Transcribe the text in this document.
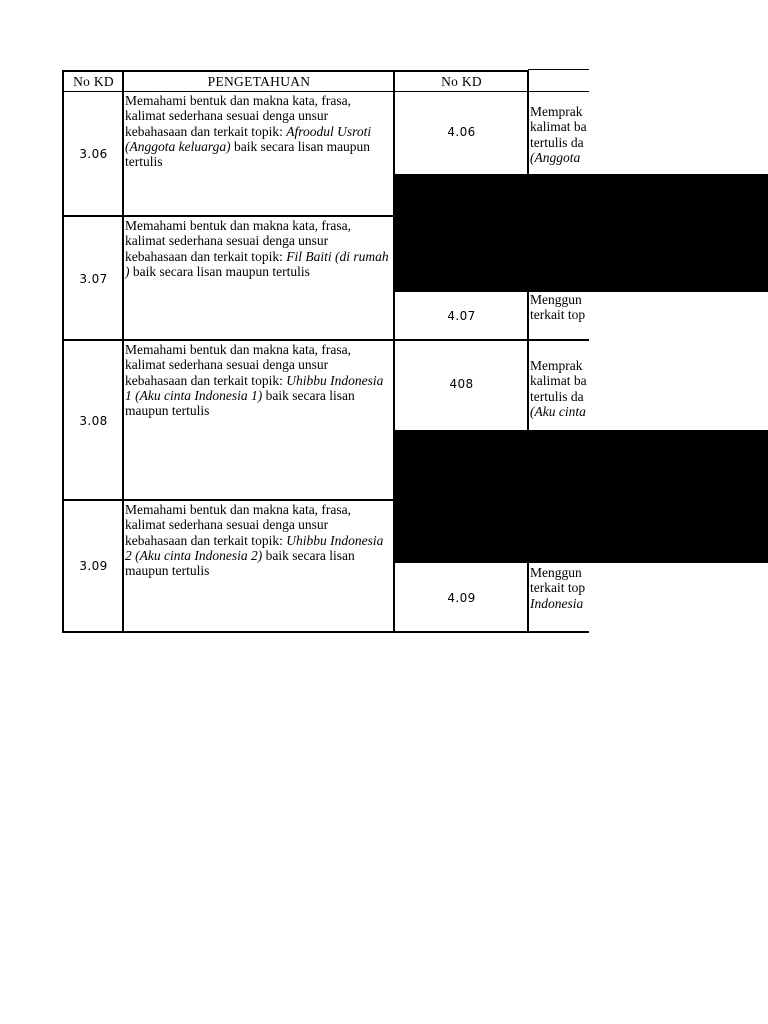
No KD	PENGETAHUAN	No KD
3.06
Memahami bentuk dan makna kata, frasa, kalimat sederhana sesuai denga unsur kebahasaan dan terkait topik: Afroodul Usroti (Anggota keluarga) baik secara lisan maupun tertulis
4.06
Memprak
kalimat ba
tertulis da
(Anggota
3.07
Memahami bentuk dan makna kata, frasa, kalimat sederhana sesuai denga unsur kebahasaan dan terkait topik: Fil Baiti (di rumah ) baik secara lisan maupun tertulis
4.07
Menggun
terkait top
3.08
Memahami bentuk dan makna kata, frasa, kalimat sederhana sesuai denga unsur kebahasaan dan terkait topik: Uhibbu Indonesia 1 (Aku cinta Indonesia 1) baik secara lisan maupun tertulis
408
Memprak
kalimat ba
tertulis da
(Aku cinta
3.09
Memahami bentuk dan makna kata, frasa, kalimat sederhana sesuai denga unsur kebahasaan dan terkait topik: Uhibbu Indonesia 2 (Aku cinta Indonesia 2) baik secara lisan maupun tertulis
4.09
Menggun
terkait top
Indonesia
